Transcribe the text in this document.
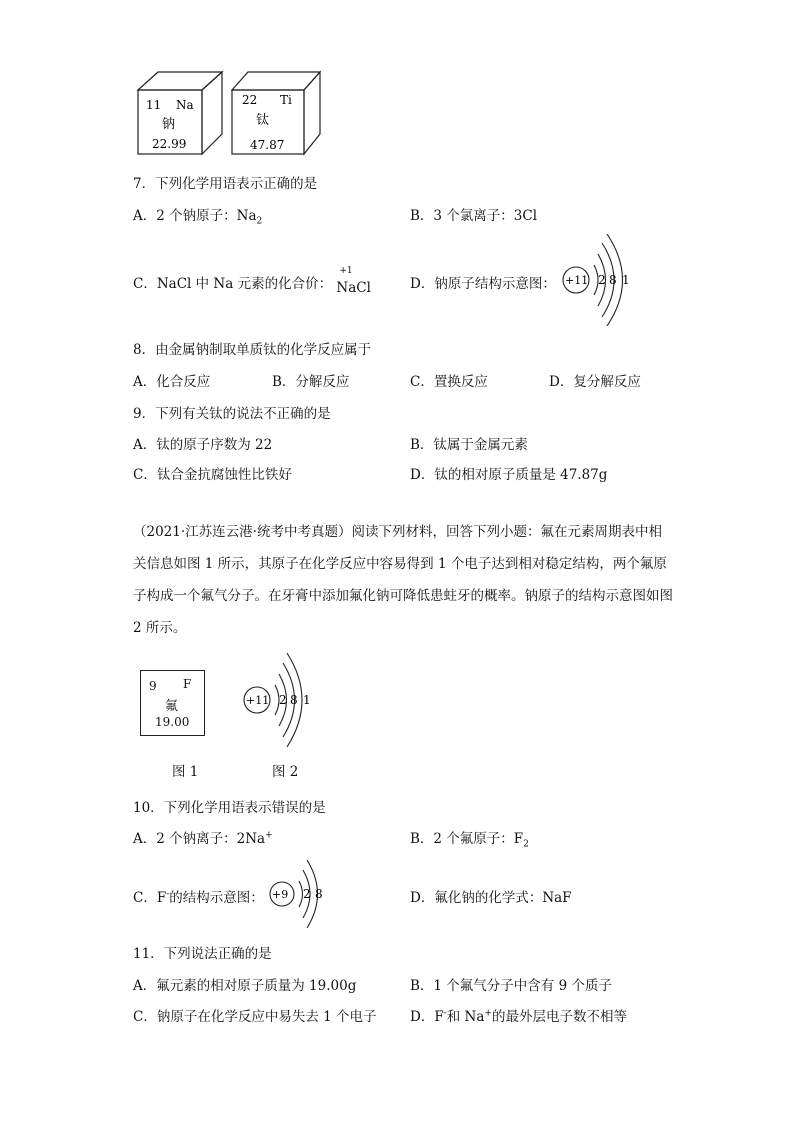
11 Na
钠
22.99
22 Ti
钛
47.87
7．下列化学用语表示正确的是
A．2 个钠原子：$Na_2$	B．3 个氯离子：3Cl
C．NaCl 中 Na 元素的化合价：
+1
NaCl	D．钠原子结构示意图： +11 2 8 1
8．由金属钠制取单质钛的化学反应属于
A．化合反应	B．分解反应	C．置换反应	D．复分解反应
9．下列有关钛的说法不正确的是
A．钛的原子序数为 22	B．钛属于金属元素
C．钛合金抗腐蚀性比铁好	D．钛的相对原子质量是 47.87g
（2021·江苏连云港·统考中考真题）阅读下列材料，回答下列小题：氟在元素周期表中相关信息如图 1 所示，其原子在化学反应中容易得到 1 个电子达到相对稳定结构，两个氟原子构成一个氟气分子。在牙膏中添加氟化钠可降低患蛀牙的概率。钠原子的结构示意图如图 2 所示。
9 F
氟
19.00
+11 2 8 1
图 1	图 2
10．下列化学用语表示错误的是
A．2 个钠离子：2Na+	B．2 个氟原子：$F_2$
C．F-的结构示意图： +9 2 8	D．氟化钠的化学式：NaF
11．下列说法正确的是
A．氟元素的相对原子质量为 19.00g	B．1 个氟气分子中含有 9 个质子
C．钠原子在化学反应中易失去 1 个电子 D．F-和 Na+的最外层电子数不相等
